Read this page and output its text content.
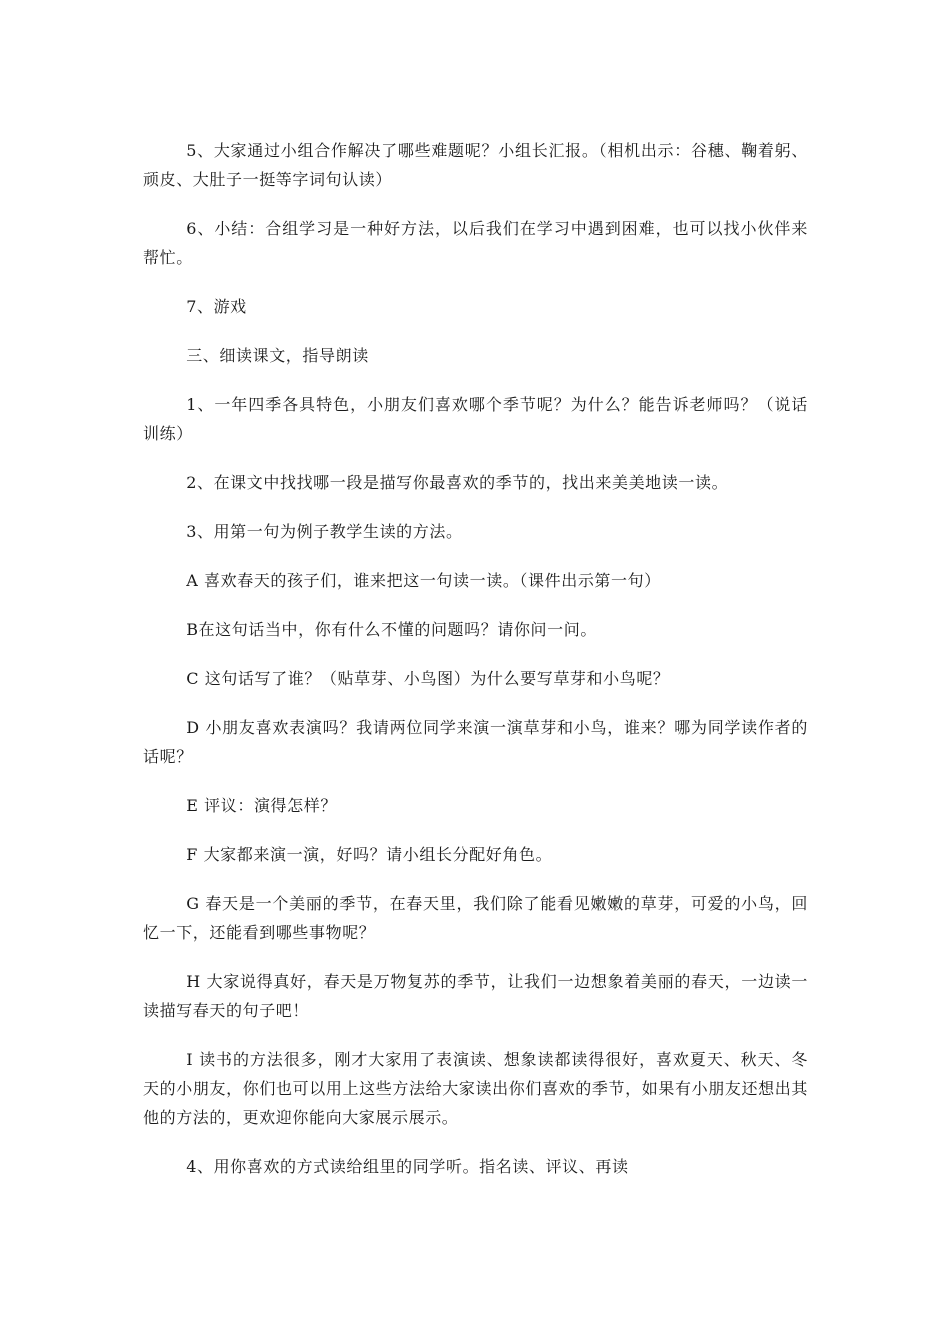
5、大家通过小组合作解决了哪些难题呢？小组长汇报。（相机出示：谷穗、鞠着躬、顽皮、大肚子一挺等字词句认读）

6、小结：合组学习是一种好方法，以后我们在学习中遇到困难，也可以找小伙伴来帮忙。

7、游戏

三、细读课文，指导朗读

1、一年四季各具特色，小朋友们喜欢哪个季节呢？为什么？能告诉老师吗？（说话训练）

2、在课文中找找哪一段是描写你最喜欢的季节的，找出来美美地读一读。

3、用第一句为例子教学生读的方法。

A 喜欢春天的孩子们，谁来把这一句读一读。（课件出示第一句）

B在这句话当中，你有什么不懂的问题吗？请你问一问。

C 这句话写了谁？（贴草芽、小鸟图）为什么要写草芽和小鸟呢？

D 小朋友喜欢表演吗？我请两位同学来演一演草芽和小鸟，谁来？哪为同学读作者的话呢？

E 评议：演得怎样？

F 大家都来演一演，好吗？请小组长分配好角色。

G 春天是一个美丽的季节，在春天里，我们除了能看见嫩嫩的草芽，可爱的小鸟，回忆一下，还能看到哪些事物呢？

H 大家说得真好，春天是万物复苏的季节，让我们一边想象着美丽的春天，一边读一读描写春天的句子吧！

I 读书的方法很多，刚才大家用了表演读、想象读都读得很好，喜欢夏天、秋天、冬天的小朋友，你们也可以用上这些方法给大家读出你们喜欢的季节，如果有小朋友还想出其他的方法的，更欢迎你能向大家展示展示。

4、用你喜欢的方式读给组里的同学听。指名读、评议、再读
